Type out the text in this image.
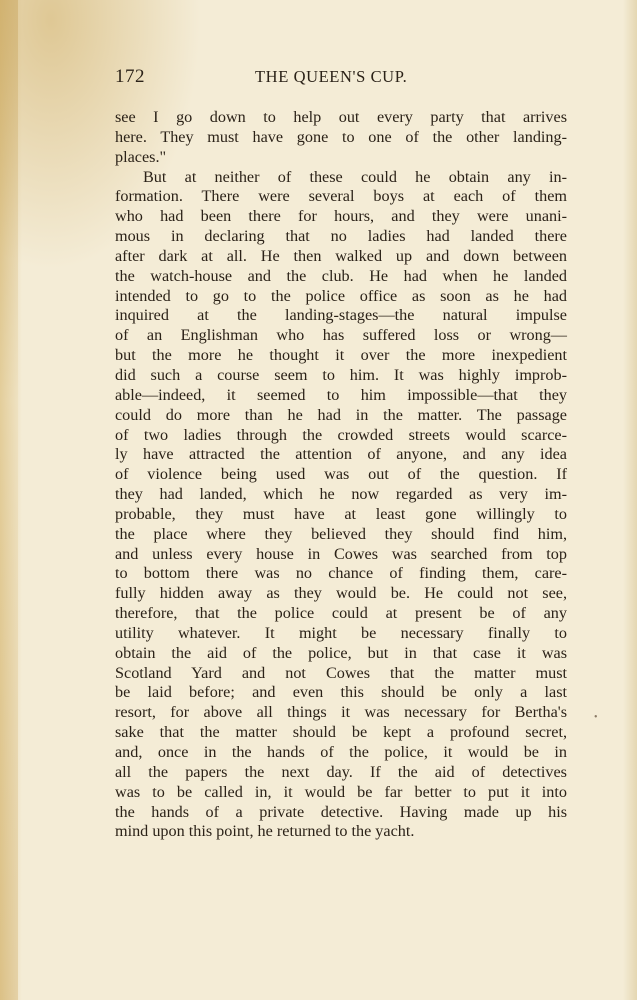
172	THE QUEEN'S CUP.
see I go down to help out every party that arrives
here. They must have gone to one of the other landing-
places."
But at neither of these could he obtain any in-
formation. There were several boys at each of them
who had been there for hours, and they were unani-
mous in declaring that no ladies had landed there
after dark at all. He then walked up and down between
the watch-house and the club. He had when he landed
intended to go to the police office as soon as he had
inquired at the landing-stages—the natural impulse
of an Englishman who has suffered loss or wrong—
but the more he thought it over the more inexpedient
did such a course seem to him. It was highly improb-
able—indeed, it seemed to him impossible—that they
could do more than he had in the matter. The passage
of two ladies through the crowded streets would scarce-
ly have attracted the attention of anyone, and any idea
of violence being used was out of the question. If
they had landed, which he now regarded as very im-
probable, they must have at least gone willingly to
the place where they believed they should find him,
and unless every house in Cowes was searched from top
to bottom there was no chance of finding them, care-
fully hidden away as they would be. He could not see,
therefore, that the police could at present be of any
utility whatever. It might be necessary finally to
obtain the aid of the police, but in that case it was
Scotland Yard and not Cowes that the matter must
be laid before; and even this should be only a last
resort, for above all things it was necessary for Bertha's
sake that the matter should be kept a profound secret,
and, once in the hands of the police, it would be in
all the papers the next day. If the aid of detectives
was to be called in, it would be far better to put it into
the hands of a private detective. Having made up his
mind upon this point, he returned to the yacht.
•
